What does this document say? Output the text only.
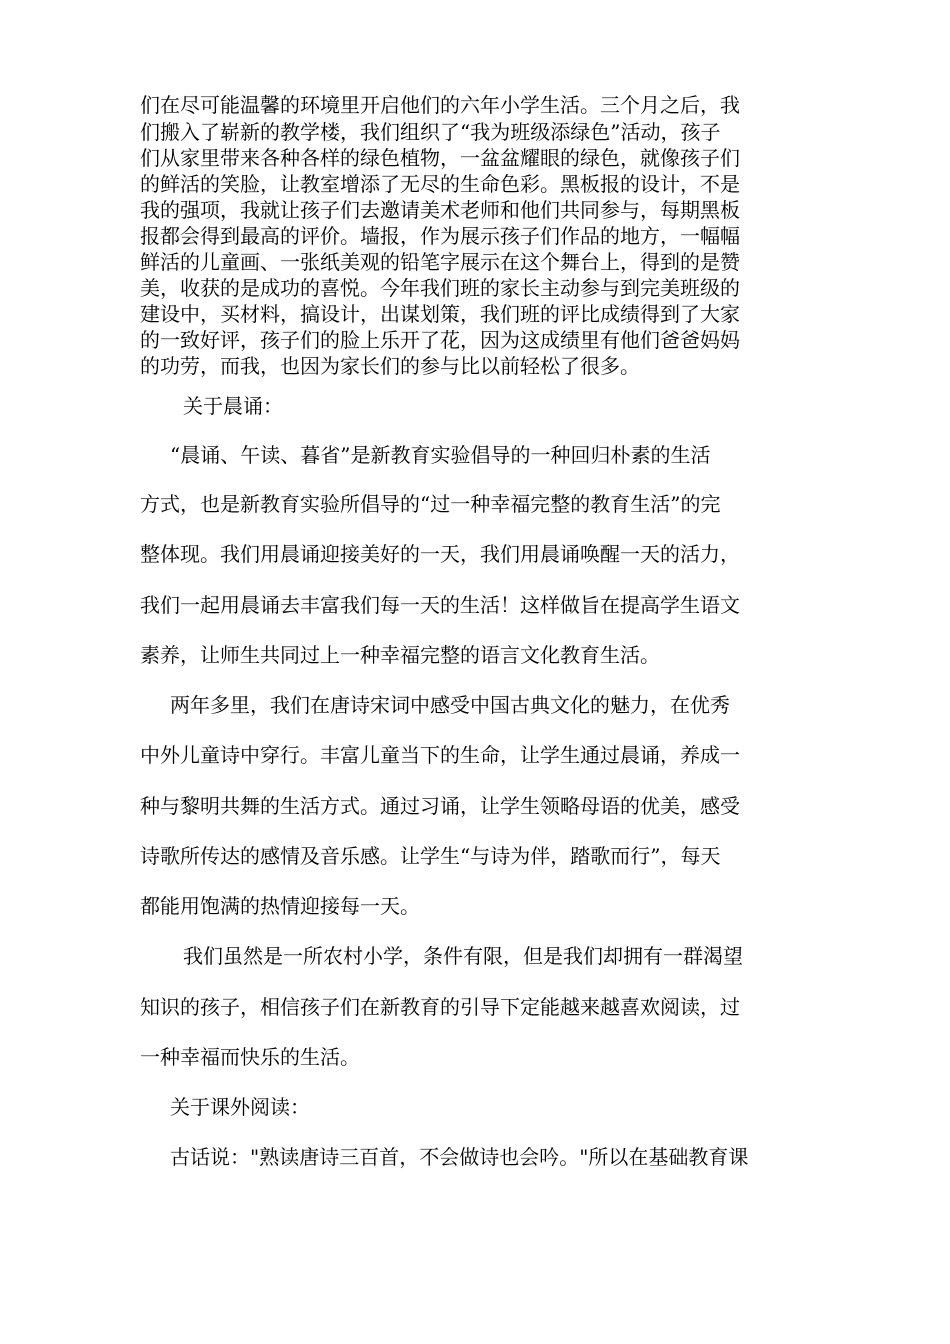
们在尽可能温馨的环境里开启他们的六年小学生活。三个月之后，我
们搬入了崭新的教学楼，我们组织了“我为班级添绿色”活动，孩子
们从家里带来各种各样的绿色植物，一盆盆耀眼的绿色，就像孩子们
的鲜活的笑脸，让教室增添了无尽的生命色彩。黑板报的设计，不是
我的强项，我就让孩子们去邀请美术老师和他们共同参与，每期黑板
报都会得到最高的评价。墙报，作为展示孩子们作品的地方，一幅幅
鲜活的儿童画、一张纸美观的铅笔字展示在这个舞台上，得到的是赞
美，收获的是成功的喜悦。今年我们班的家长主动参与到完美班级的
建设中，买材料，搞设计，出谋划策，我们班的评比成绩得到了大家
的一致好评，孩子们的脸上乐开了花，因为这成绩里有他们爸爸妈妈
的功劳，而我，也因为家长们的参与比以前轻松了很多。
关于晨诵：
“晨诵、午读、暮省”是新教育实验倡导的一种回归朴素的生活
方式，也是新教育实验所倡导的“过一种幸福完整的教育生活”的完
整体现。我们用晨诵迎接美好的一天，我们用晨诵唤醒一天的活力，
我们一起用晨诵去丰富我们每一天的生活！这样做旨在提高学生语文
素养，让师生共同过上一种幸福完整的语言文化教育生活。
两年多里，我们在唐诗宋词中感受中国古典文化的魅力，在优秀
中外儿童诗中穿行。丰富儿童当下的生命，让学生通过晨诵，养成一
种与黎明共舞的生活方式。通过习诵，让学生领略母语的优美，感受
诗歌所传达的感情及音乐感。让学生“与诗为伴，踏歌而行”，每天
都能用饱满的热情迎接每一天。
我们虽然是一所农村小学，条件有限，但是我们却拥有一群渴望
知识的孩子，相信孩子们在新教育的引导下定能越来越喜欢阅读，过
一种幸福而快乐的生活。
关于课外阅读：
古话说："熟读唐诗三百首，不会做诗也会吟。"所以在基础教育课
